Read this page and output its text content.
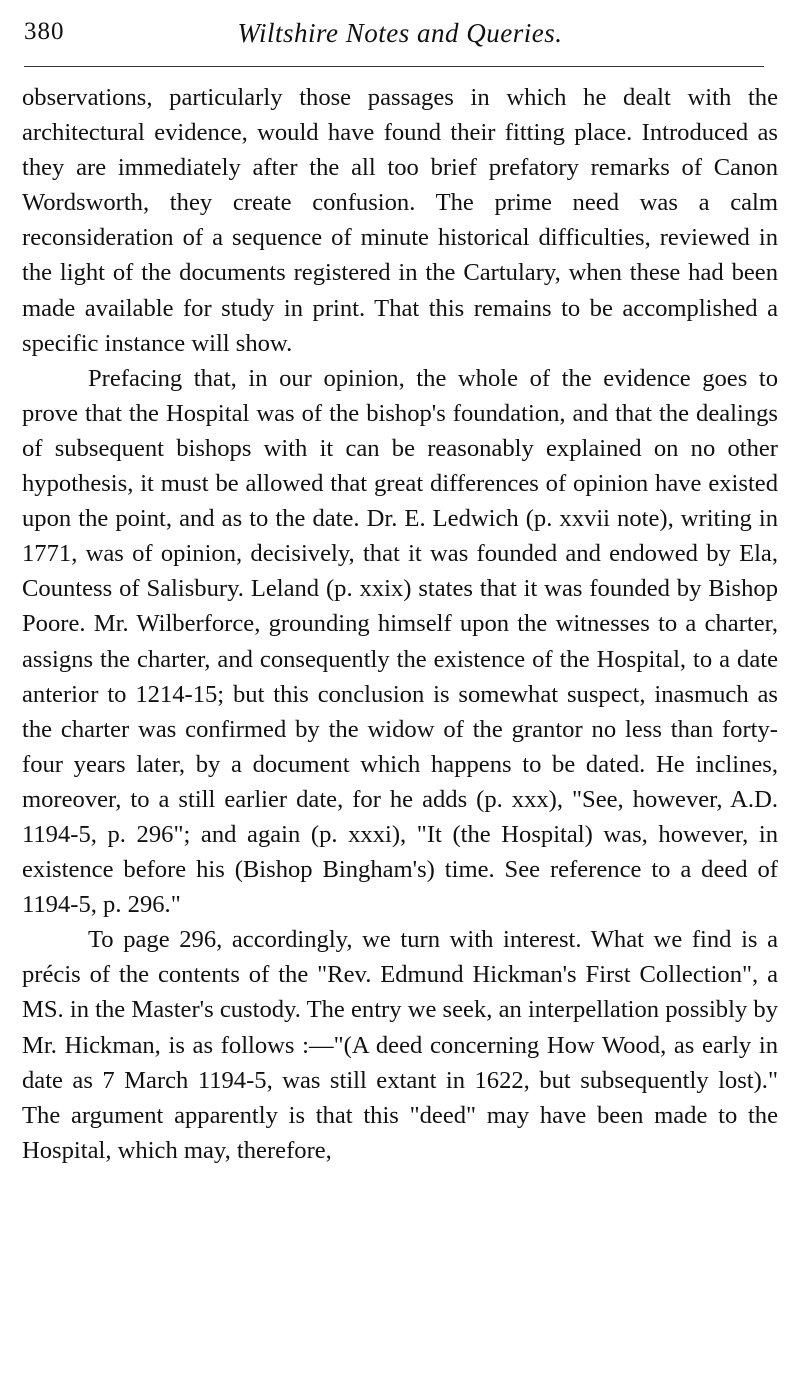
380	Wiltshire Notes and Queries.

observations, particularly those passages in which he dealt with the architectural evidence, would have found their fitting place. Introduced as they are immediately after the all too brief prefatory remarks of Canon Wordsworth, they create confusion. The prime need was a calm reconsideration of a sequence of minute historical difficulties, reviewed in the light of the documents registered in the Cartulary, when these had been made available for study in print. That this remains to be accomplished a specific instance will show.

Prefacing that, in our opinion, the whole of the evidence goes to prove that the Hospital was of the bishop's foundation, and that the dealings of subsequent bishops with it can be reasonably explained on no other hypothesis, it must be allowed that great differences of opinion have existed upon the point, and as to the date. Dr. E. Ledwich (p. xxvii note), writing in 1771, was of opinion, decisively, that it was founded and endowed by Ela, Countess of Salisbury. Leland (p. xxix) states that it was founded by Bishop Poore. Mr. Wilberforce, grounding himself upon the witnesses to a charter, assigns the charter, and consequently the existence of the Hospital, to a date anterior to 1214-15; but this conclusion is somewhat suspect, inasmuch as the charter was confirmed by the widow of the grantor no less than forty-four years later, by a document which happens to be dated. He inclines, moreover, to a still earlier date, for he adds (p. xxx), "See, however, A.D. 1194-5, p. 296"; and again (p. xxxi), "It (the Hospital) was, however, in existence before his (Bishop Bingham's) time. See reference to a deed of 1194-5, p. 296."

To page 296, accordingly, we turn with interest. What we find is a précis of the contents of the "Rev. Edmund Hickman's First Collection", a MS. in the Master's custody. The entry we seek, an interpellation possibly by Mr. Hickman, is as follows :—"(A deed concerning How Wood, as early in date as 7 March 1194-5, was still extant in 1622, but subsequently lost)." The argument apparently is that this "deed" may have been made to the Hospital, which may, therefore,
